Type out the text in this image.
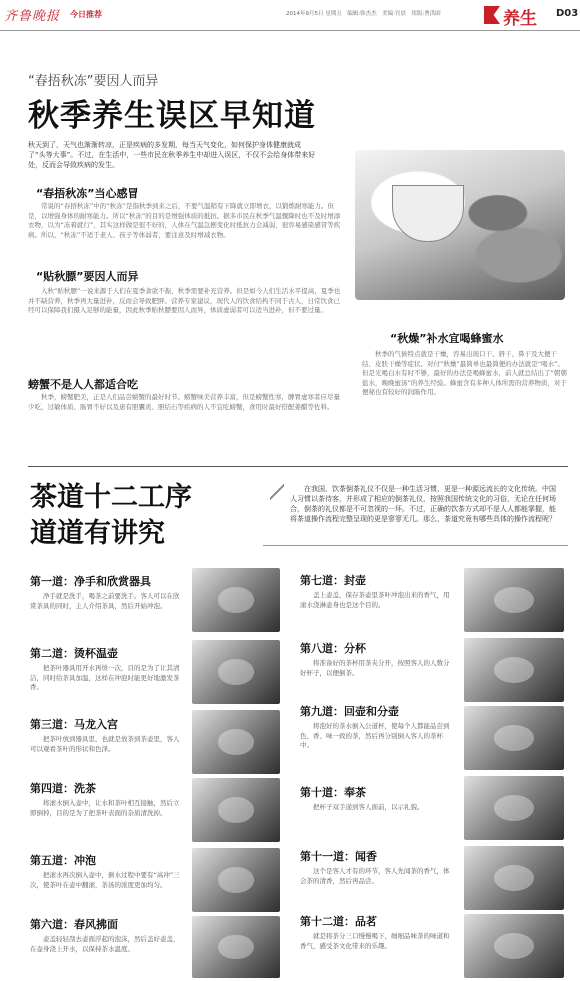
齐鲁晚报 今日推荐	2014年9月5日 星期五　编辑:韩杰杰　美编:宫晨　组版:曹洪昭	养生 D03
“春捂秋冻”要因人而异
秋季养生误区早知道
秋天到了，天气也渐渐转凉，正是疾病的多发期，每当天气变化，如何保护身体健康就成了“头等大事”。不过，在生活中，一些市民在秋季养生中却进入误区，不仅不会给身体带来好处，反而会导致疾病的发生。
“春捂秋冻”当心感冒
常说的“春捂秋冻”中的“秋冻”是指秋季到来之后，不要气温稍有下降就立即增衣，以锻炼耐寒能力。但是，以增强身体的耐寒能力。所以“秋冻”的目的是增强体质的抵抗。据多市民在秋季气温骤降时也不及时增添衣物，以为“冻着就行”，其实这样做是很不好的，人体在气温急剧变化时抵抗力会减弱，很容易感染感冒等疾病。所以，“秋冻”不适于老人、孩子等体弱者，要注意及时增减衣物。
“贴秋膘”要因人而异
入秋“贴秋膘”一说来源于人们在夏季食欲不振，秋季需要补充营养。但是如今人们生活水平提高，夏季也并不缺营养，秋季再大量进补，反而会导致肥胖。营养专家建议，现代人的饮食结构不同于古人，日常饮食已经可以保障我们摄入足够的能量，因此秋季贴秋膘要因人而异，体质虚弱者可以适当进补，但不要过量。
螃蟹不是人人都适合吃
秋季，螃蟹肥美，正是人们品尝螃蟹的最好时节。螃蟹味美营养丰富，但是螃蟹性寒，脾胃虚寒者应尽量少吃，过敏体质、肠胃不好以及患有胆囊炎、胆结石等疾病的人不宜吃螃蟹，食用时最好搭配姜醋等佐料。
“秋燥”补水宜喝蜂蜜水
秋季的气候特点就是干燥，容易出现口干、唇干、鼻干及大便干结、皮肤干燥等症状。对付“秋燥”最简单也最简便的办法就是“喝水”。但是光喝白水有时不够，最好的办法是喝蜂蜜水，前人就总结出了“朝朝盐水，晚晚蜜汤”的养生经验。蜂蜜含有多种人体所需的营养物质，对于便秘也有较好的润肠作用。
茶道十二工序
道道有讲究
在我国，饮茶倒茶礼仪不仅是一种生活习惯，更是一种源远流长的文化传统。中国人习惯以茶待客，并形成了相应的倒茶礼仪，按照我国传统文化的习俗，无论在任何场合，倒茶的礼仪都是不可忽视的一环。不过，正确的饮茶方式却不是人人都能掌握，能将茶道操作流程完整呈现的更是寥寥无几。那么，茶道究竟有哪些具体的操作流程呢？
第一道：净手和欣赏器具
净手就是洗手，喝茶之前要洗手。客人可以在欣赏茶具的同时，主人介绍茶具，然后开始冲泡。
第二道：烫杯温壶
把茶叶器具用开水再烫一次，目的是为了让其清洁，同时给茶具加温，这样在冲泡时能更好地激发茶香。
第三道：马龙入宫
把茶叶放到器具里，也就是放茶到茶壶里，客人可以观看茶叶的形状和色泽。
第四道：洗茶
将滚水倒入壶中，让水和茶叶相互接触，然后立即倒掉，目的是为了把茶叶表面的杂质清洗掉。
第五道：冲泡
把滚水再次倒入壶中，倒水过程中要有“高冲”三次，使茶叶在壶中翻滚，茶汤的浓度更加均匀。
第六道：春风拂面
壶盖轻轻刮去壶面浮起的泡沫，然后盖好壶盖，在壶身浇上开水，以保持茶水温度。
第七道：封壶
盖上壶盖，保存茶壶里茶叶冲泡出来的香气，用滚水浇淋壶身也是这个目的。
第八道：分杯
将准备好的茶杯用茶夹分开，按照客人的人数分好杯子，以便倒茶。
第九道：回壶和分壶
将泡好的茶水倒入公道杯，使每个人都能品尝到色、香、味一致的茶，然后再分别倒入客人的茶杯中。
第十道：奉茶
把杯子双手递到客人面前，以示礼貌。
第十一道：闻香
这个是客人才有的环节，客人先闻茶的香气，体会茶的清香，然后再品尝。
第十二道：品茗
就是将茶分三口慢慢喝下，细细品味茶的味道和香气，感受茶文化带来的乐趣。
